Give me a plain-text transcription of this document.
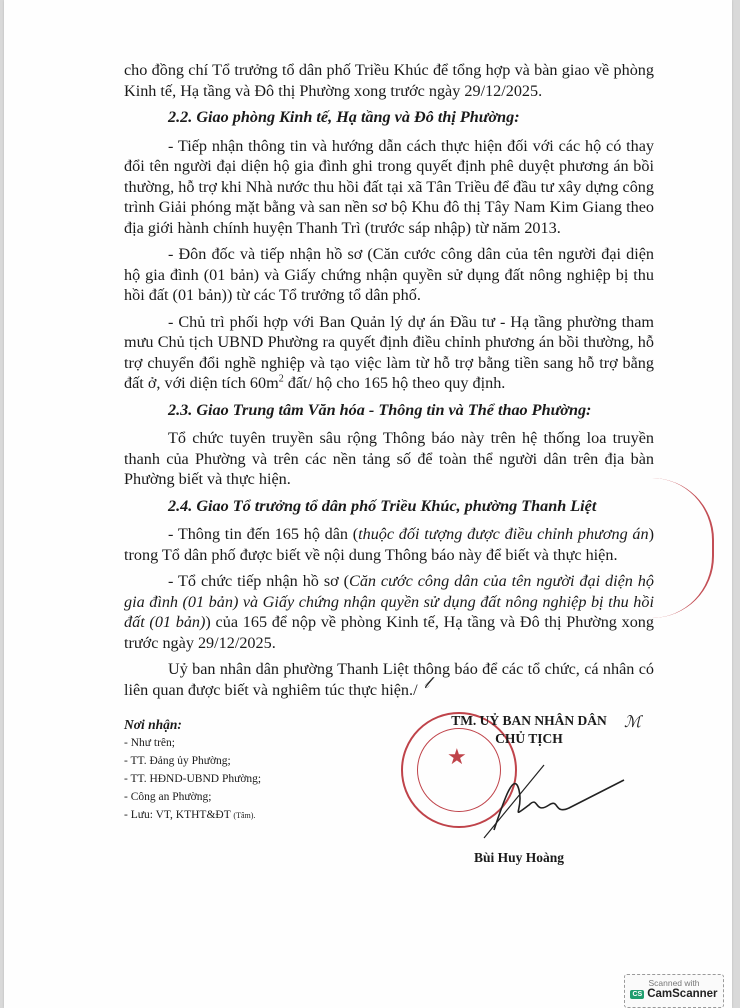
cho đồng chí Tổ trưởng tổ dân phố Triều Khúc để tổng hợp và bàn giao về phòng Kinh tế, Hạ tầng và Đô thị Phường xong trước ngày 29/12/2025.

2.2. Giao phòng Kinh tế, Hạ tầng và Đô thị Phường:

- Tiếp nhận thông tin và hướng dẫn cách thực hiện đối với các hộ có thay đổi tên người đại diện hộ gia đình ghi trong quyết định phê duyệt phương án bồi thường, hỗ trợ khi Nhà nước thu hồi đất tại xã Tân Triều để đầu tư xây dựng công trình Giải phóng mặt bằng và san nền sơ bộ Khu đô thị Tây Nam Kim Giang theo địa giới hành chính huyện Thanh Trì (trước sáp nhập) từ năm 2013.

- Đôn đốc và tiếp nhận hồ sơ (Căn cước công dân của tên người đại diện hộ gia đình (01 bản) và Giấy chứng nhận quyền sử dụng đất nông nghiệp bị thu hồi đất (01 bản)) từ các Tổ trưởng tổ dân phố.

- Chủ trì phối hợp với Ban Quản lý dự án Đầu tư - Hạ tầng phường tham mưu Chủ tịch UBND Phường ra quyết định điều chỉnh phương án bồi thường, hỗ trợ chuyển đổi nghề nghiệp và tạo việc làm từ hỗ trợ bằng tiền sang hỗ trợ bằng đất ở, với diện tích $60m^2$ đất/ hộ cho 165 hộ theo quy định.

2.3. Giao Trung tâm Văn hóa - Thông tin và Thể thao Phường:

Tổ chức tuyên truyền sâu rộng Thông báo này trên hệ thống loa truyền thanh của Phường và trên các nền tảng số để toàn thể người dân trên địa bàn Phường biết và thực hiện.

2.4. Giao Tổ trưởng tổ dân phố Triều Khúc, phường Thanh Liệt

- Thông tin đến 165 hộ dân (thuộc đối tượng được điều chỉnh phương án) trong Tổ dân phố được biết về nội dung Thông báo này để biết và thực hiện.

- Tổ chức tiếp nhận hồ sơ (Căn cước công dân của tên người đại diện hộ gia đình (01 bản) và Giấy chứng nhận quyền sử dụng đất nông nghiệp bị thu hồi đất (01 bản)) của 165 để nộp về phòng Kinh tế, Hạ tầng và Đô thị Phường xong trước ngày 29/12/2025.

Uỷ ban nhân dân phường Thanh Liệt thông báo để các tổ chức, cá nhân có liên quan được biết và nghiêm túc thực hiện./

Nơi nhận:
- Như trên;
- TT. Đảng ủy Phường;
- TT. HĐND-UBND Phường;
- Công an Phường;
- Lưu: VT, KTHT&ĐT (Tâm).
★
TM. UỶ BAN NHÂN DÂN
CHỦ TỊCH
ℳ
𝓁
Bùi Huy Hoàng
Scanned with
CS CamScanner
